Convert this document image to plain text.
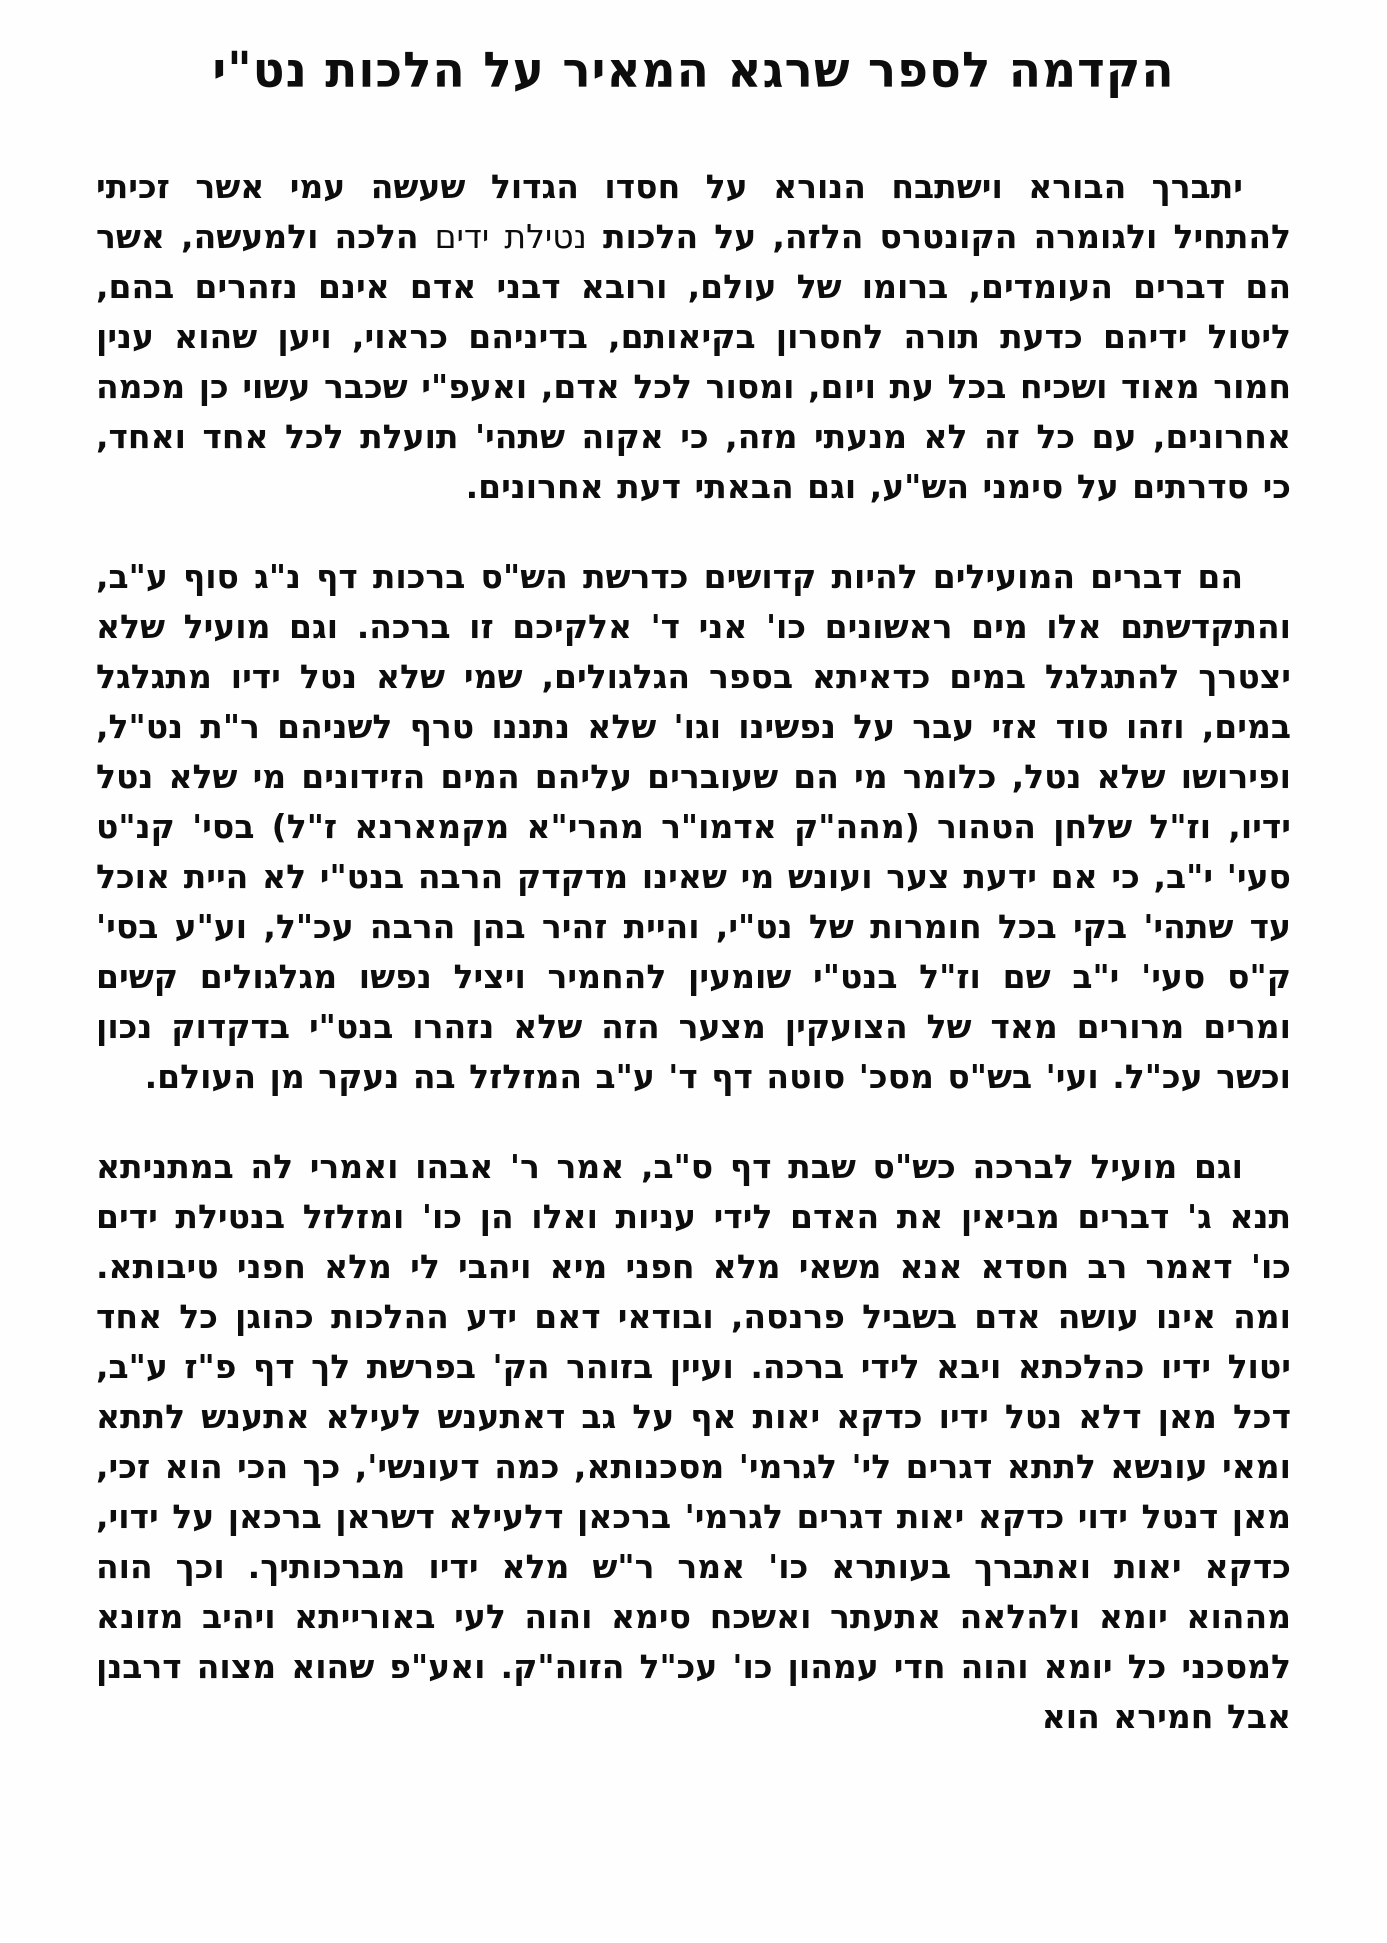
הקדמה לספר שרגא המאיר על הלכות נט"י

יתברך הבורא וישתבח הנורא על חסדו הגדול שעשה עמי אשר זכיתי להתחיל ולגומרה הקונטרס הלזה, על הלכות נטילת ידים הלכה ולמעשה, אשר הם דברים העומדים, ברומו של עולם, ורובא דבני אדם אינם נזהרים בהם, ליטול ידיהם כדעת תורה לחסרון בקיאותם, בדיניהם כראוי, ויען שהוא ענין חמור מאוד ושכיח בכל עת ויום, ומסור לכל אדם, ואעפ"י שכבר עשוי כן מכמה אחרונים, עם כל זה לא מנעתי מזה, כי אקוה שתהי' תועלת לכל אחד ואחד, כי סדרתים על סימני הש"ע, וגם הבאתי דעת אחרונים.

הם דברים המועילים להיות קדושים כדרשת הש"ס ברכות דף נ"ג סוף ע"ב, והתקדשתם אלו מים ראשונים כו' אני ד' אלקיכם זו ברכה. וגם מועיל שלא יצטרך להתגלגל במים כדאיתא בספר הגלגולים, שמי שלא נטל ידיו מתגלגל במים, וזהו סוד אזי עבר על נפשינו וגו' שלא נתננו טרף לשניהם ר"ת נט"ל, ופירושו שלא נטל, כלומר מי הם שעוברים עליהם המים הזידונים מי שלא נטל ידיו, וז"ל שלחן הטהור (מהה"ק אדמו"ר מהרי"א מקמארנא ז"ל) בסי' קנ"ט סעי' י"ב, כי אם ידעת צער ועונש מי שאינו מדקדק הרבה בנט"י לא היית אוכל עד שתהי' בקי בכל חומרות של נט"י, והיית זהיר בהן הרבה עכ"ל, וע"ע בסי' ק"ס סעי' י"ב שם וז"ל בנט"י שומעין להחמיר ויציל נפשו מגלגולים קשים ומרים מרורים מאד של הצועקין מצער הזה שלא נזהרו בנט"י בדקדוק נכון וכשר עכ"ל. ועי' בש"ס מסכ' סוטה דף ד' ע"ב המזלזל בה נעקר מן העולם.

וגם מועיל לברכה כש"ס שבת דף ס"ב, אמר ר' אבהו ואמרי לה במתניתא תנא ג' דברים מביאין את האדם לידי עניות ואלו הן כו' ומזלזל בנטילת ידים כו' דאמר רב חסדא אנא משאי מלא חפני מיא ויהבי לי מלא חפני טיבותא. ומה אינו עושה אדם בשביל פרנסה, ובודאי דאם ידע ההלכות כהוגן כל אחד יטול ידיו כהלכתא ויבא לידי ברכה. ועיין בזוהר הק' בפרשת לך דף פ"ז ע"ב, דכל מאן דלא נטל ידיו כדקא יאות אף על גב דאתענש לעילא אתענש לתתא ומאי עונשא לתתא דגרים לי' לגרמי' מסכנותא, כמה דעונשי', כך הכי הוא זכי, מאן דנטל ידוי כדקא יאות דגרים לגרמי' ברכאן דלעילא דשראן ברכאן על ידוי, כדקא יאות ואתברך בעותרא כו' אמר ר"ש מלא ידיו מברכותיך. וכך הוה מההוא יומא ולהלאה אתעתר ואשכח סימא והוה לעי באורייתא ויהיב מזונא למסכני כל יומא והוה חדי עמהון כו' עכ"ל הזוה"ק. ואע"פ שהוא מצוה דרבנן אבל חמירא הוא
